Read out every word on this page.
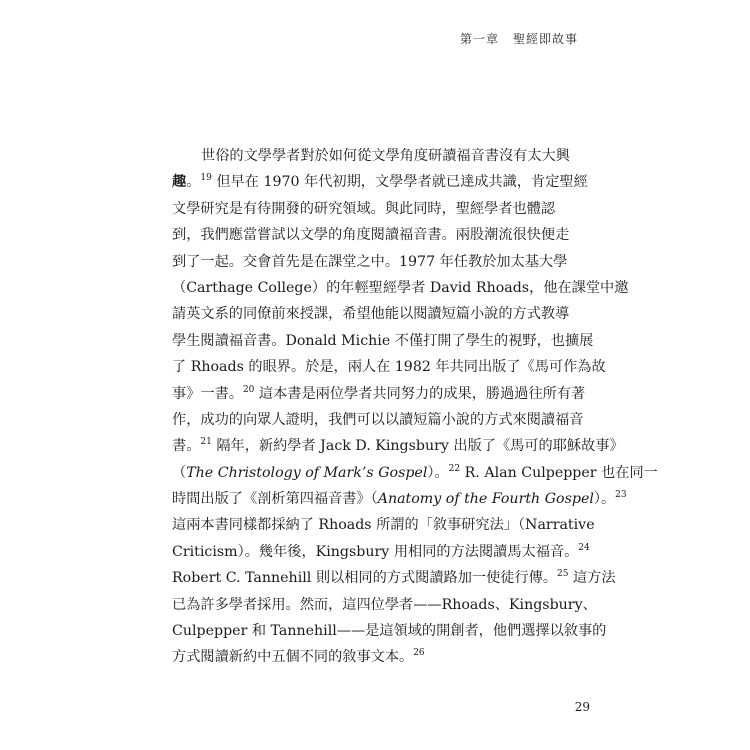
第一章 聖經即故事
世俗的文學學者對於如何從文學角度研讀福音書沒有太大興
趣。$^{19}$ 但早在 1970 年代初期，文學學者就已達成共識，肯定聖經
文學研究是有待開發的研究領域。與此同時，聖經學者也體認
到，我們應當嘗試以文學的角度閱讀福音書。兩股潮流很快便走
到了一起。交會首先是在課堂之中。1977 年任教於加太基大學
（Carthage College）的年輕聖經學者 David Rhoads，他在課堂中邀
請英文系的同僚前來授課，希望他能以閱讀短篇小說的方式教導
學生閱讀福音書。Donald Michie 不僅打開了學生的視野，也擴展
了 Rhoads 的眼界。於是，兩人在 1982 年共同出版了《馬可作為故
事》一書。$^{20}$ 這本書是兩位學者共同努力的成果，勝過過往所有著
作，成功的向眾人證明，我們可以以讀短篇小說的方式來閱讀福音
書。$^{21}$ 隔年，新約學者 Jack D. Kingsbury 出版了《馬可的耶穌故事》
（The Christology of Mark’s Gospel）。$^{22}$ R. Alan Culpepper 也在同一
時間出版了《剖析第四福音書》（Anatomy of the Fourth Gospel）。$^{23}$
這兩本書同樣都採納了 Rhoads 所謂的「敘事研究法」（Narrative
Criticism）。幾年後，Kingsbury 用相同的方法閱讀馬太福音。$^{24}$
Robert C. Tannehill 則以相同的方式閱讀路加一使徒行傳。$^{25}$ 這方法
已為許多學者採用。然而，這四位學者——Rhoads、Kingsbury、
Culpepper 和 Tannehill——是這領域的開創者，他們選擇以敘事的
方式閱讀新約中五個不同的敘事文本。$^{26}$
29
